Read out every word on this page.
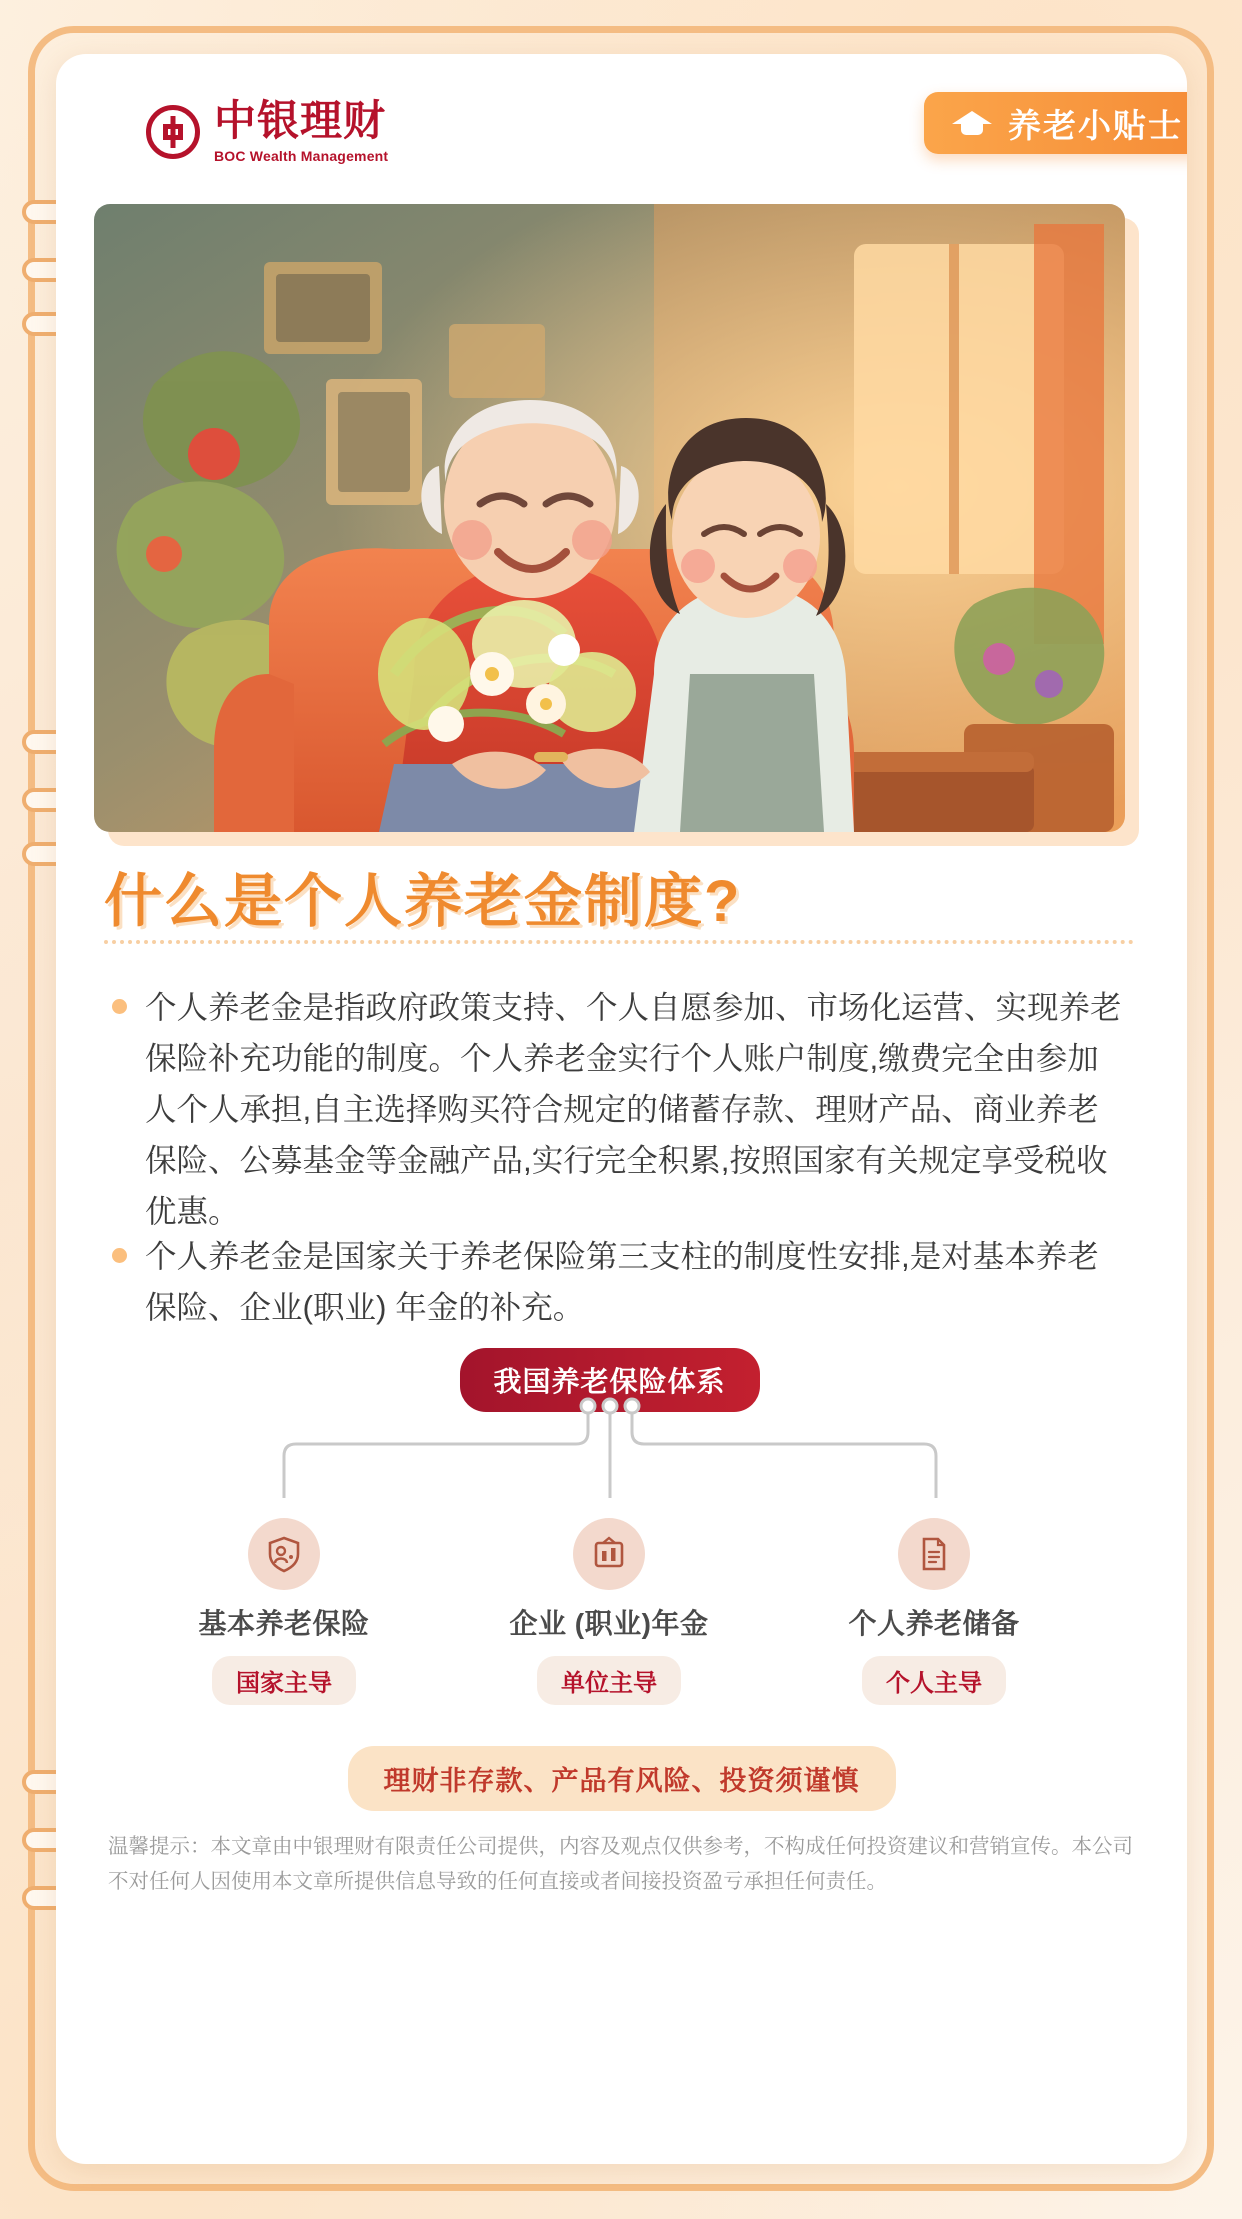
中银理财
BOC Wealth Management
养老小贴士
什么是个人养老金制度?
个人养老金是指政府政策支持、个人自愿参加、市场化运营、实现养老保险补充功能的制度。个人养老金实行个人账户制度,缴费完全由参加人个人承担,自主选择购买符合规定的储蓄存款、理财产品、商业养老保险、公募基金等金融产品,实行完全积累,按照国家有关规定享受税收优惠。
个人养老金是国家关于养老保险第三支柱的制度性安排,是对基本养老保险、企业(职业) 年金的补充。
我国养老保险体系
基本养老保险
国家主导
企业 (职业)年金
单位主导
个人养老储备
个人主导
理财非存款、产品有风险、投资须谨慎
温馨提示：本文章由中银理财有限责任公司提供，内容及观点仅供参考，不构成任何投资建议和营销宣传。本公司不对任何人因使用本文章所提供信息导致的任何直接或者间接投资盈亏承担任何责任。
